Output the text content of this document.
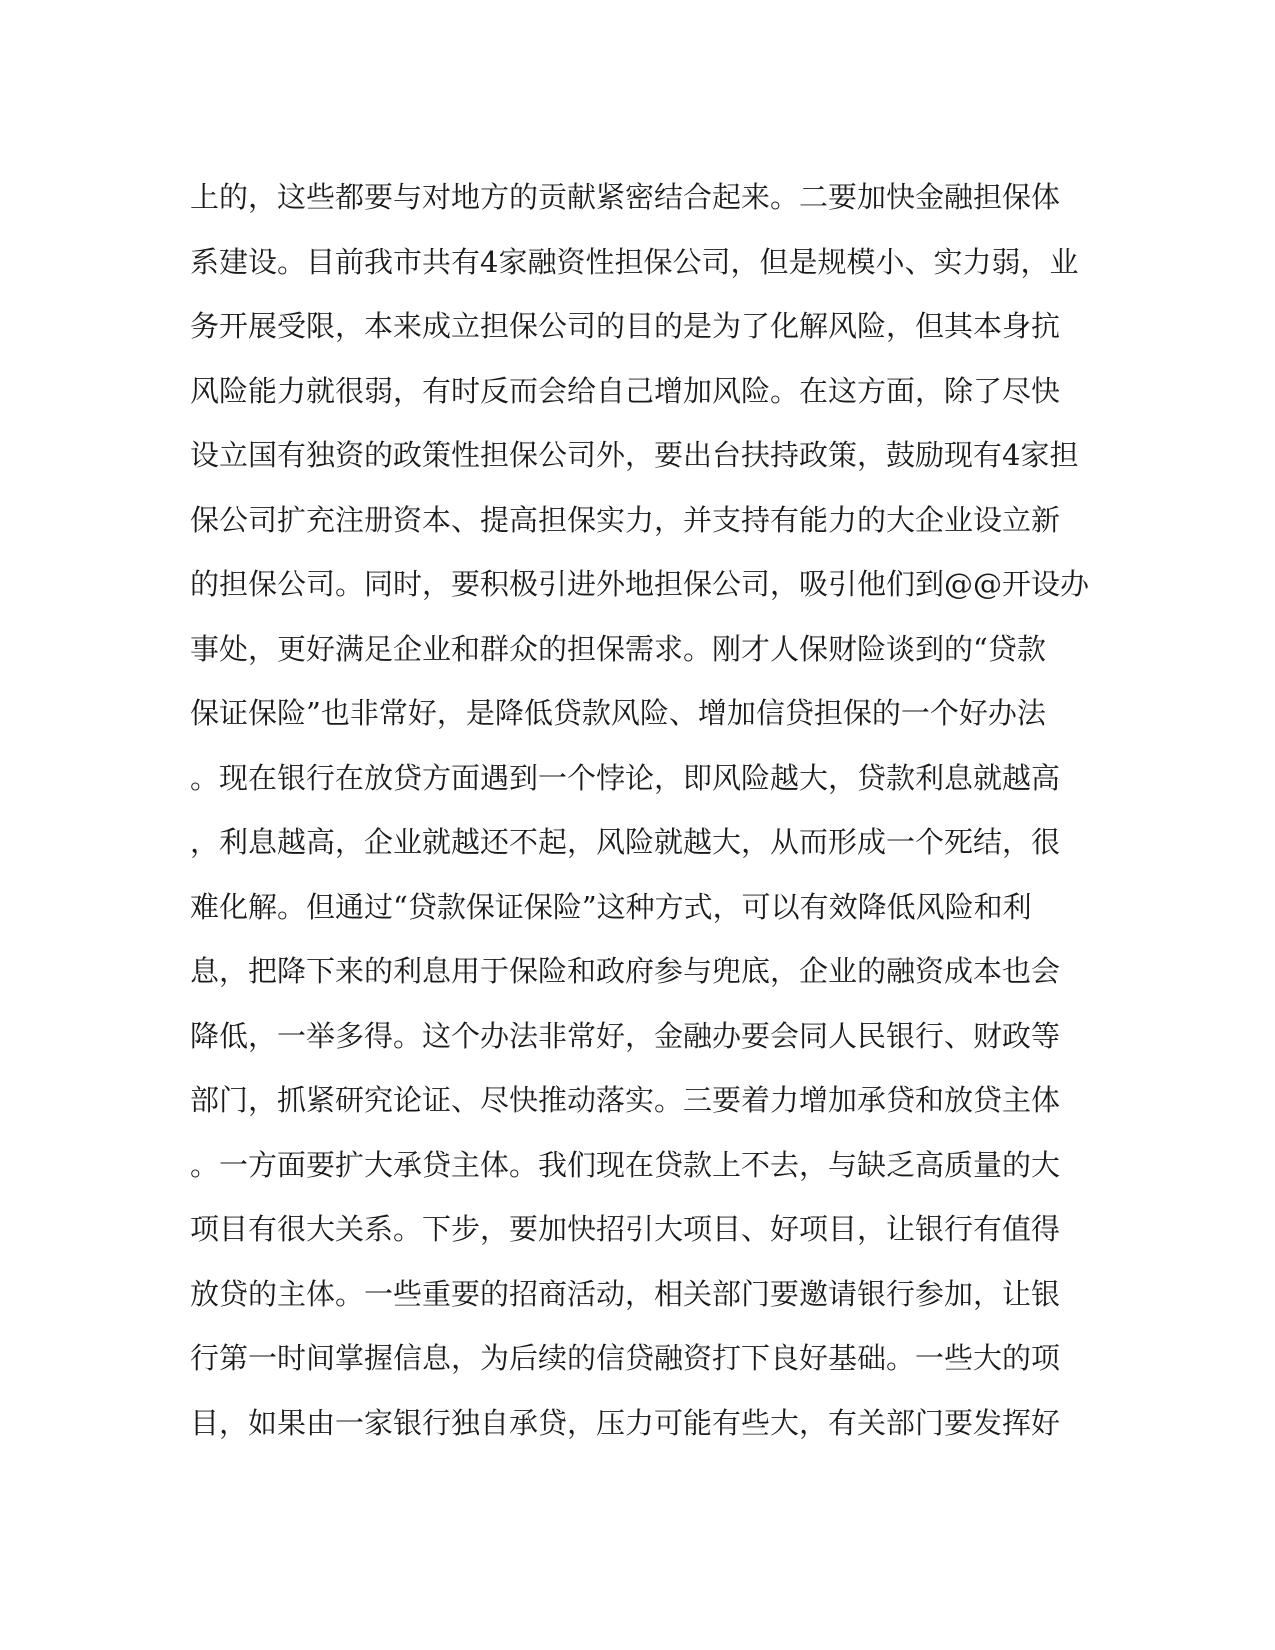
上的，这些都要与对地方的贡献紧密结合起来。二要加快金融担保体
系建设。目前我市共有4家融资性担保公司，但是规模小、实力弱，业
务开展受限，本来成立担保公司的目的是为了化解风险，但其本身抗
风险能力就很弱，有时反而会给自己增加风险。在这方面，除了尽快
设立国有独资的政策性担保公司外，要出台扶持政策，鼓励现有4家担
保公司扩充注册资本、提高担保实力，并支持有能力的大企业设立新
的担保公司。同时，要积极引进外地担保公司，吸引他们到@@开设办
事处，更好满足企业和群众的担保需求。刚才人保财险谈到的“贷款
保证保险”也非常好，是降低贷款风险、增加信贷担保的一个好办法
。现在银行在放贷方面遇到一个悖论，即风险越大，贷款利息就越高
，利息越高，企业就越还不起，风险就越大，从而形成一个死结，很
难化解。但通过“贷款保证保险”这种方式，可以有效降低风险和利
息，把降下来的利息用于保险和政府参与兜底，企业的融资成本也会
降低，一举多得。这个办法非常好，金融办要会同人民银行、财政等
部门，抓紧研究论证、尽快推动落实。三要着力增加承贷和放贷主体
。一方面要扩大承贷主体。我们现在贷款上不去，与缺乏高质量的大
项目有很大关系。下步，要加快招引大项目、好项目，让银行有值得
放贷的主体。一些重要的招商活动，相关部门要邀请银行参加，让银
行第一时间掌握信息，为后续的信贷融资打下良好基础。一些大的项
目，如果由一家银行独自承贷，压力可能有些大，有关部门要发挥好
